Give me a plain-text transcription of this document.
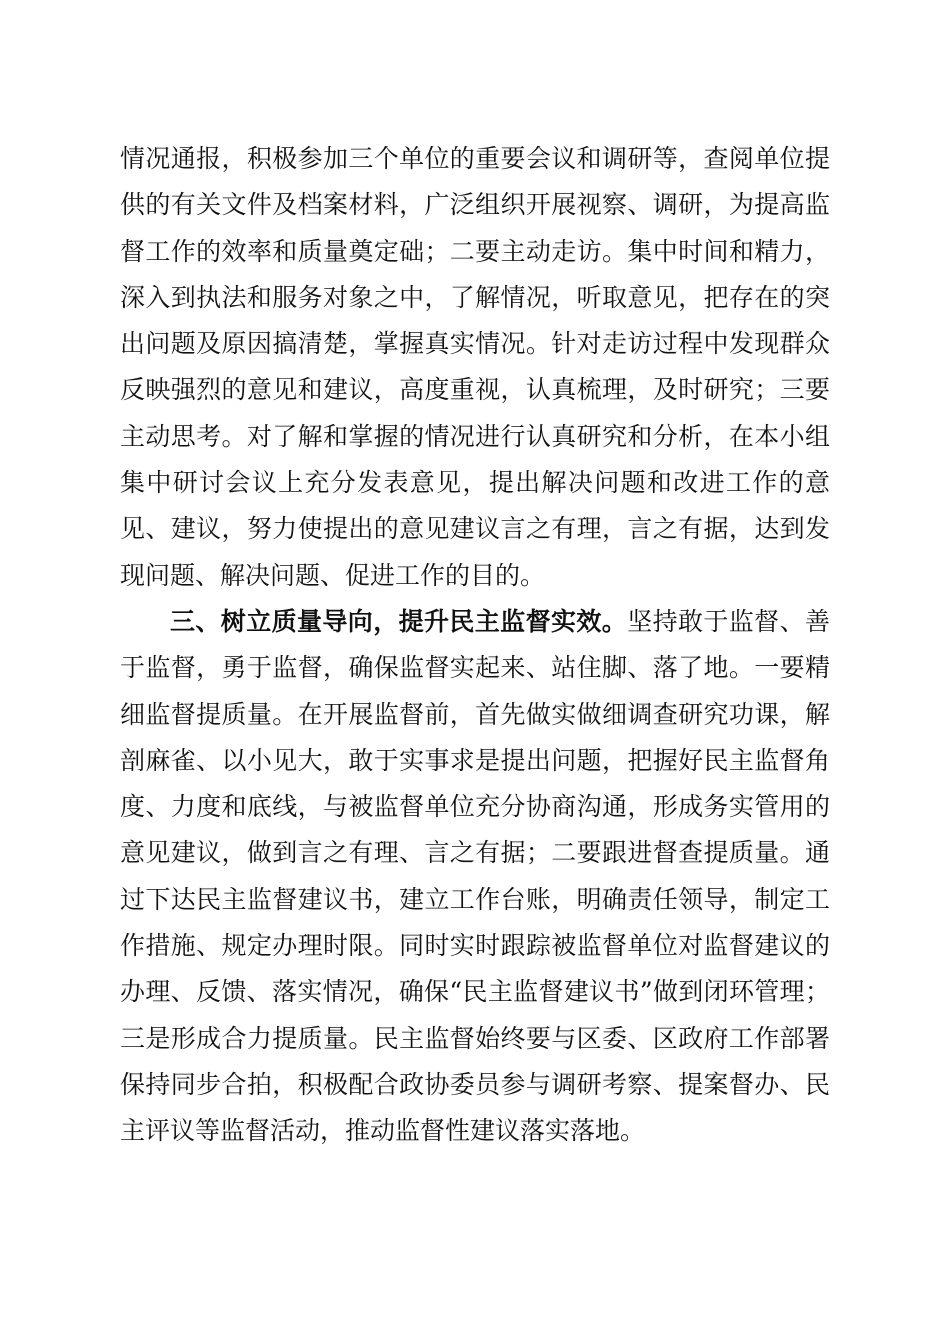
情况通报，积极参加三个单位的重要会议和调研等，查阅单位提供的有关文件及档案材料，广泛组织开展视察、调研，为提高监督工作的效率和质量奠定础；二要主动走访。集中时间和精力，深入到执法和服务对象之中，了解情况，听取意见，把存在的突出问题及原因搞清楚，掌握真实情况。针对走访过程中发现群众反映强烈的意见和建议，高度重视，认真梳理，及时研究；三要主动思考。对了解和掌握的情况进行认真研究和分析，在本小组集中研讨会议上充分发表意见，提出解决问题和改进工作的意见、建议，努力使提出的意见建议言之有理，言之有据，达到发现问题、解决问题、促进工作的目的。

三、树立质量导向，提升民主监督实效。坚持敢于监督、善于监督，勇于监督，确保监督实起来、站住脚、落了地。一要精细监督提质量。在开展监督前，首先做实做细调查研究功课，解剖麻雀、以小见大，敢于实事求是提出问题，把握好民主监督角度、力度和底线，与被监督单位充分协商沟通，形成务实管用的意见建议，做到言之有理、言之有据；二要跟进督查提质量。通过下达民主监督建议书，建立工作台账，明确责任领导，制定工作措施、规定办理时限。同时实时跟踪被监督单位对监督建议的办理、反馈、落实情况，确保“民主监督建议书”做到闭环管理；三是形成合力提质量。民主监督始终要与区委、区政府工作部署保持同步合拍，积极配合政协委员参与调研考察、提案督办、民主评议等监督活动，推动监督性建议落实落地。
